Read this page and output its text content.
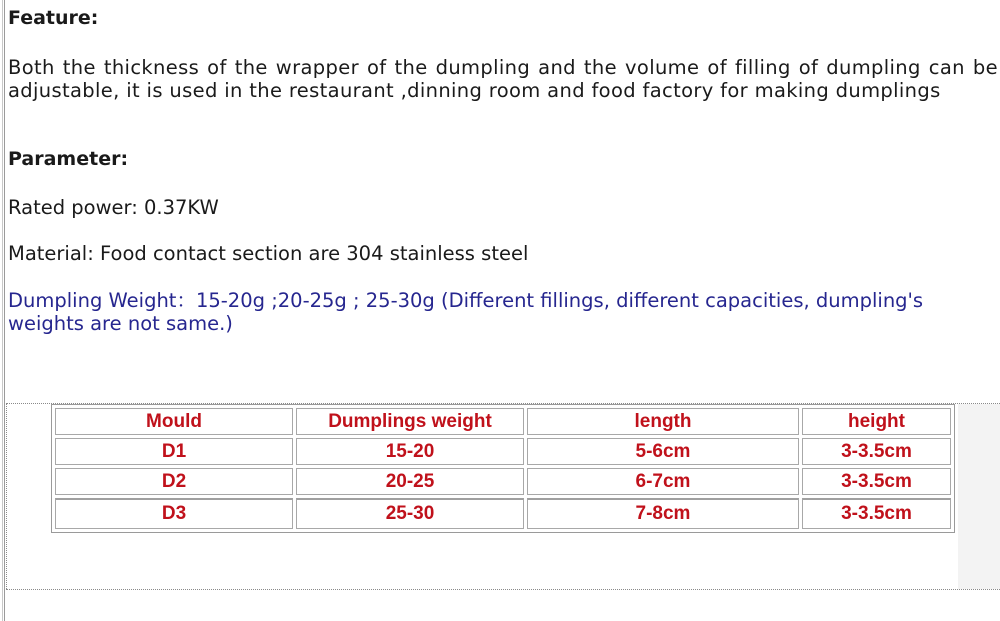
Feature:
Both the thickness of the wrapper of the dumpling and the volume of filling of dumpling can be adjustable, it is used in the restaurant ,dinning room and food factory for making dumplings
Parameter:
Rated power: 0.37KW
Material: Food contact section are 304 stainless steel
Dumpling Weight：15-20g ;20-25g ; 25-30g (Different fillings, different capacities, dumpling's weights are not same.)
Mould	Dumplings weight	length	height
D1	15-20	5-6cm	3-3.5cm
D2	20-25	6-7cm	3-3.5cm
D3	25-30	7-8cm	3-3.5cm
